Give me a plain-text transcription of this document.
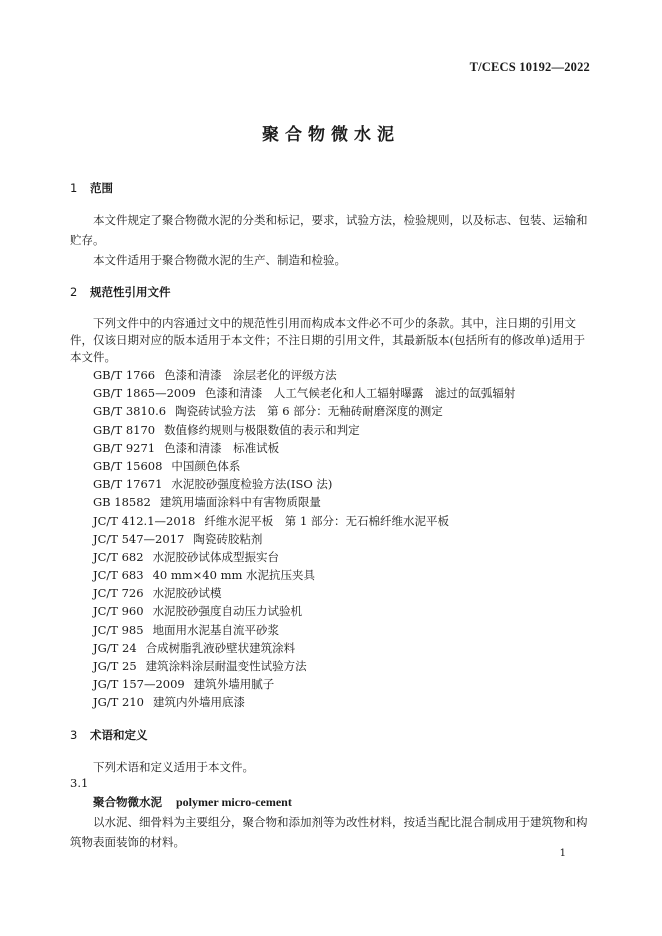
T/CECS 10192—2022
聚合物微水泥
1 范围
本文件规定了聚合物微水泥的分类和标记，要求，试验方法，检验规则，以及标志、包装、运输和
贮存。
本文件适用于聚合物微水泥的生产、制造和检验。
2 规范性引用文件
下列文件中的内容通过文中的规范性引用而构成本文件必不可少的条款。其中，注日期的引用文
件，仅该日期对应的版本适用于本文件；不注日期的引用文件，其最新版本(包括所有的修改单)适用于
本文件。
GB/T 1766 色漆和清漆　涂层老化的评级方法
GB/T 1865—2009 色漆和清漆　人工气候老化和人工辐射曝露　滤过的氙弧辐射
GB/T 3810.6 陶瓷砖试验方法　第 6 部分：无釉砖耐磨深度的测定
GB/T 8170 数值修约规则与极限数值的表示和判定
GB/T 9271 色漆和清漆　标准试板
GB/T 15608 中国颜色体系
GB/T 17671 水泥胶砂强度检验方法(ISO 法)
GB 18582 建筑用墙面涂料中有害物质限量
JC/T 412.1—2018 纤维水泥平板　第 1 部分：无石棉纤维水泥平板
JC/T 547—2017 陶瓷砖胶粘剂
JC/T 682 水泥胶砂试体成型振实台
JC/T 683 40 mm×40 mm 水泥抗压夹具
JC/T 726 水泥胶砂试模
JC/T 960 水泥胶砂强度自动压力试验机
JC/T 985 地面用水泥基自流平砂浆
JG/T 24 合成树脂乳液砂壁状建筑涂料
JG/T 25 建筑涂料涂层耐温变性试验方法
JG/T 157—2009 建筑外墙用腻子
JG/T 210 建筑内外墙用底漆
3 术语和定义
下列术语和定义适用于本文件。
3.1
聚合物微水泥 polymer micro-cement
以水泥、细骨料为主要组分，聚合物和添加剂等为改性材料，按适当配比混合制成用于建筑物和构
筑物表面装饰的材料。
1
